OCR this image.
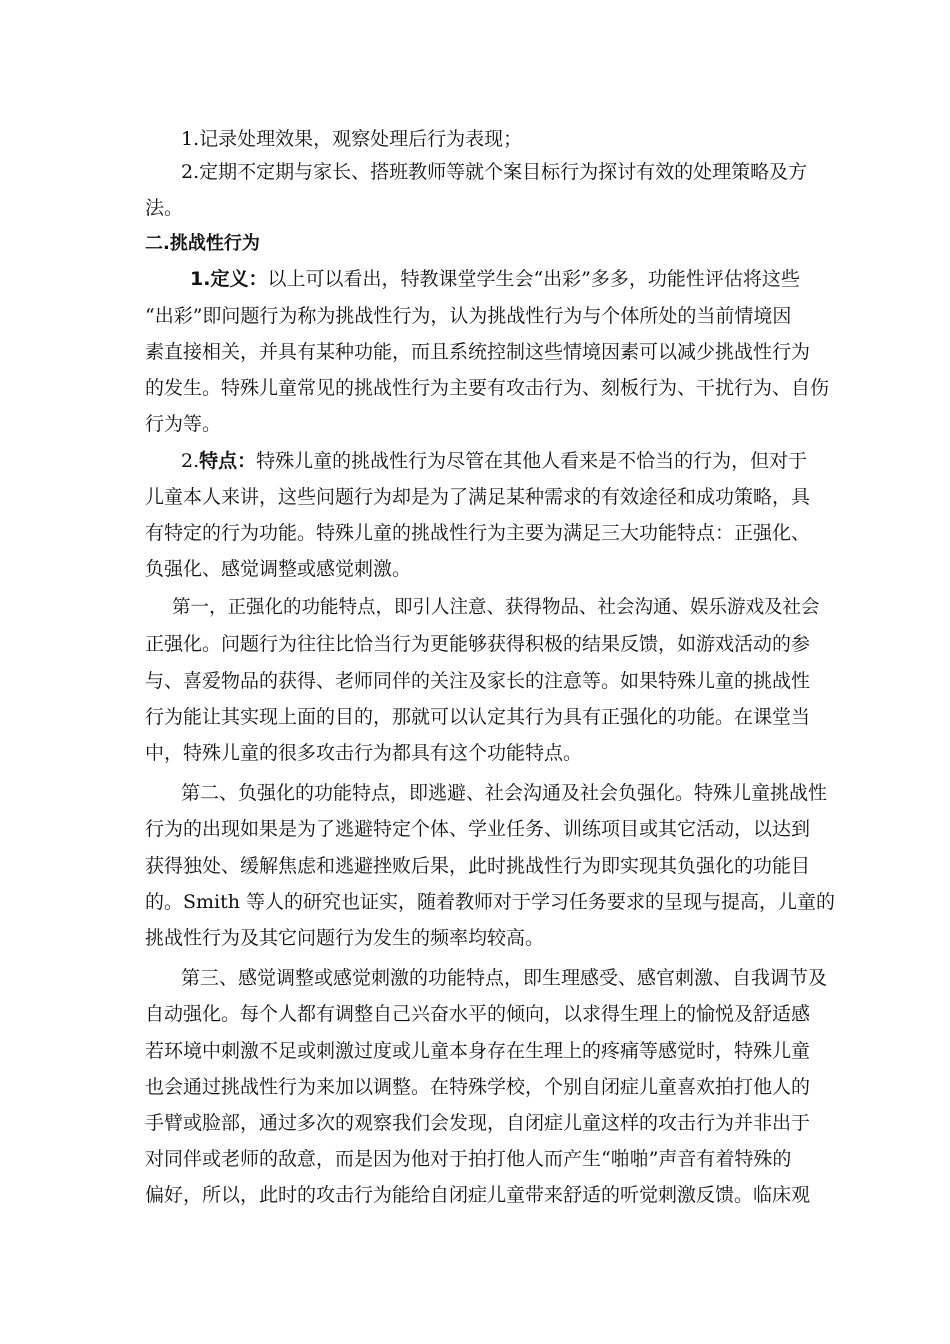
1.记录处理效果，观察处理后行为表现；
2.定期不定期与家长、搭班教师等就个案目标行为探讨有效的处理策略及方
法。
二.挑战性行为
1.定义：以上可以看出，特教课堂学生会“出彩”多多，功能性评估将这些
“出彩”即问题行为称为挑战性行为，认为挑战性行为与个体所处的当前情境因
素直接相关，并具有某种功能，而且系统控制这些情境因素可以减少挑战性行为
的发生。特殊儿童常见的挑战性行为主要有攻击行为、刻板行为、干扰行为、自伤
行为等。
2.特点：特殊儿童的挑战性行为尽管在其他人看来是不恰当的行为，但对于
儿童本人来讲，这些问题行为却是为了满足某种需求的有效途径和成功策略，具
有特定的行为功能。特殊儿童的挑战性行为主要为满足三大功能特点：正强化、
负强化、感觉调整或感觉刺激。
第一，正强化的功能特点，即引人注意、获得物品、社会沟通、娱乐游戏及社会
正强化。问题行为往往比恰当行为更能够获得积极的结果反馈，如游戏活动的参
与、喜爱物品的获得、老师同伴的关注及家长的注意等。如果特殊儿童的挑战性
行为能让其实现上面的目的，那就可以认定其行为具有正强化的功能。在课堂当
中，特殊儿童的很多攻击行为都具有这个功能特点。
第二、负强化的功能特点，即逃避、社会沟通及社会负强化。特殊儿童挑战性
行为的出现如果是为了逃避特定个体、学业任务、训练项目或其它活动，以达到
获得独处、缓解焦虑和逃避挫败后果，此时挑战性行为即实现其负强化的功能目
的。Smith 等人的研究也证实，随着教师对于学习任务要求的呈现与提高，儿童的
挑战性行为及其它问题行为发生的频率均较高。
第三、感觉调整或感觉刺激的功能特点，即生理感受、感官刺激、自我调节及
自动强化。每个人都有调整自己兴奋水平的倾向，以求得生理上的愉悦及舒适感
若环境中刺激不足或刺激过度或儿童本身存在生理上的疼痛等感觉时，特殊儿童
也会通过挑战性行为来加以调整。在特殊学校，个别自闭症儿童喜欢拍打他人的
手臂或脸部，通过多次的观察我们会发现，自闭症儿童这样的攻击行为并非出于
对同伴或老师的敌意，而是因为他对于拍打他人而产生“啪啪”声音有着特殊的
偏好，所以，此时的攻击行为能给自闭症儿童带来舒适的听觉刺激反馈。临床观
